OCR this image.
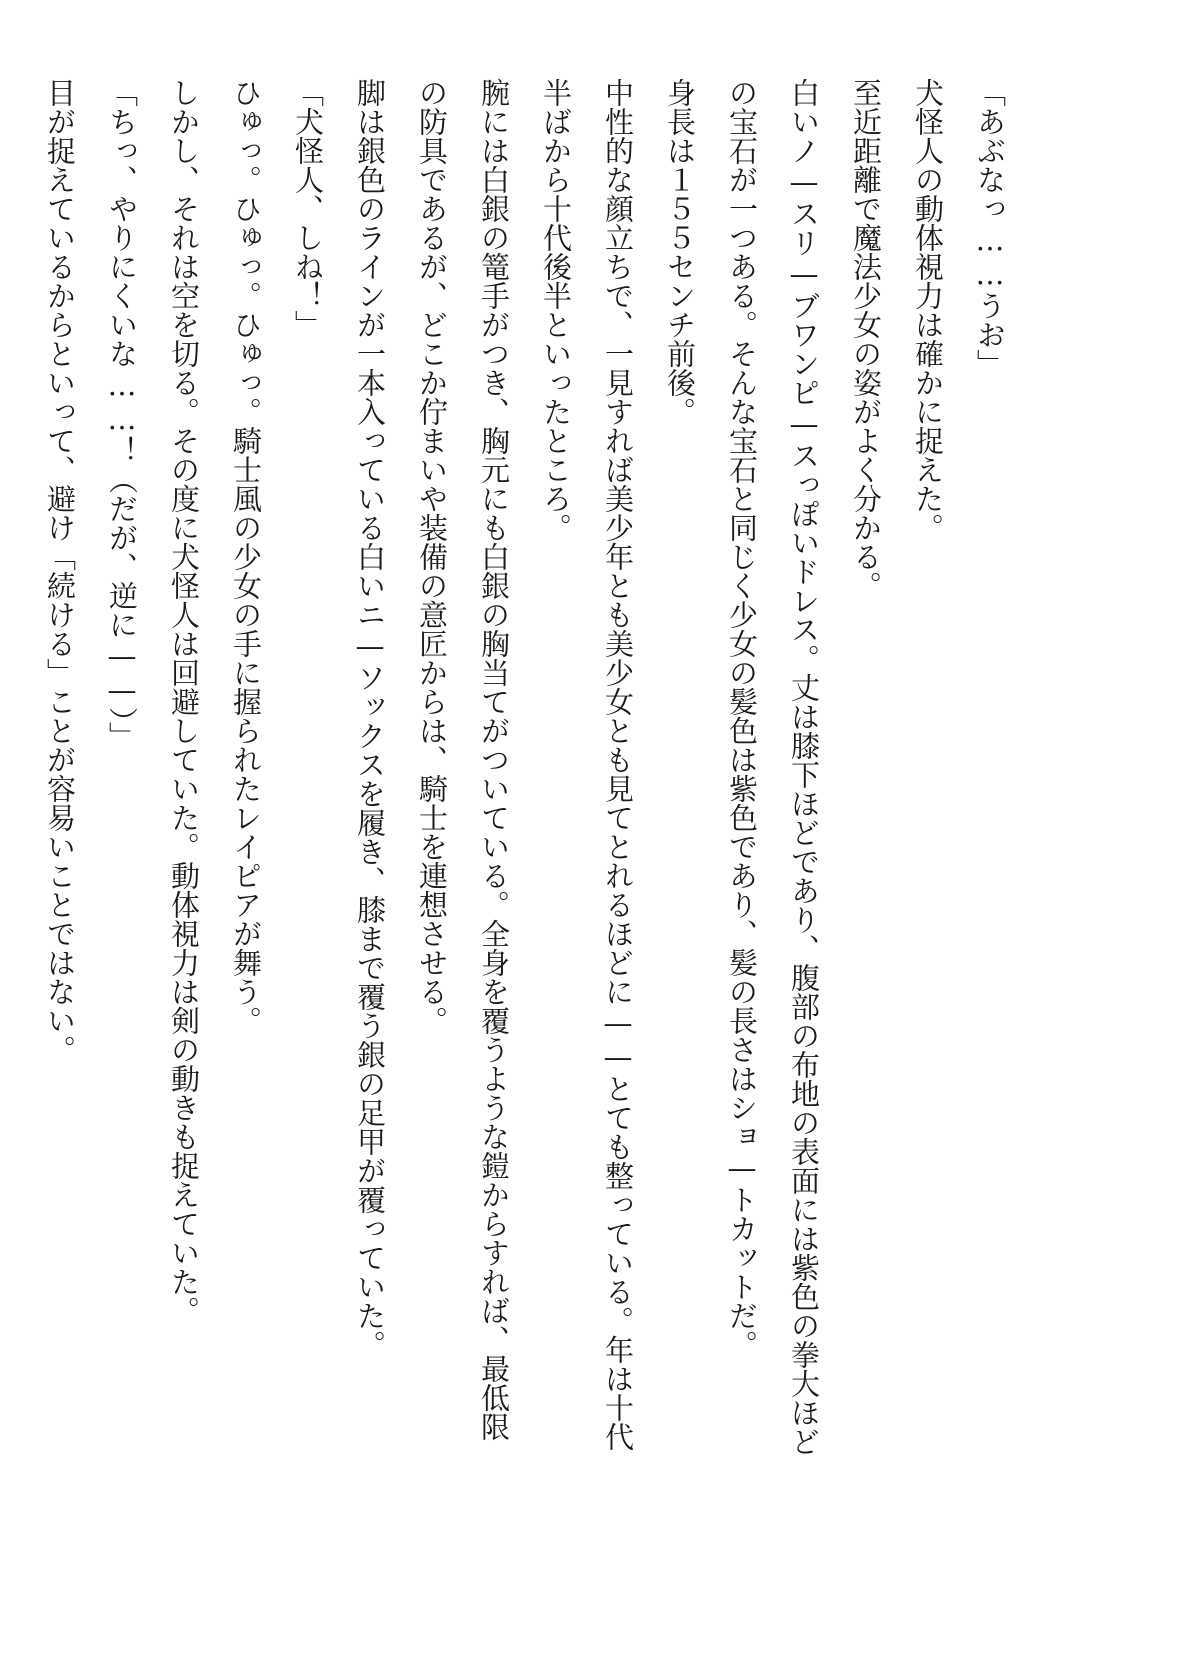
「あぶなっ……うお」

犬怪人の動体視力は確かに捉えた。

至近距離で魔法少女の姿がよく分かる。

白いノ—スリ—ブワンピ—スっぽいドレス。丈は膝下ほどであり、腹部の布地の表面には紫色の拳大ほど

の宝石が一つある。そんな宝石と同じく少女の髪色は紫色であり、髪の長さはショ—トカットだ。

身長は１５５センチ前後。

中性的な顔立ちで、一見すれば美少年とも美少女とも見てとれるほどに——とても整っている。年は十代

半ばから十代後半といったところ。

腕には白銀の篭手がつき、胸元にも白銀の胸当てがついている。全身を覆うような鎧からすれば、最低限

の防具であるが、どこか佇まいや装備の意匠からは、騎士を連想させる。

脚は銀色のラインが一本入っている白いニ—ソックスを履き、膝まで覆う銀の足甲が覆っていた。

「犬怪人、しね！」

ひゅっ。ひゅっ。ひゅっ。騎士風の少女の手に握られたレイピアが舞う。

しかし、それは空を切る。その度に犬怪人は回避していた。動体視力は剣の動きも捉えていた。

「ちっ、やりにくいな……！（だが、逆に——）」

目が捉えているからといって、避け「続ける」ことが容易いことではない。
